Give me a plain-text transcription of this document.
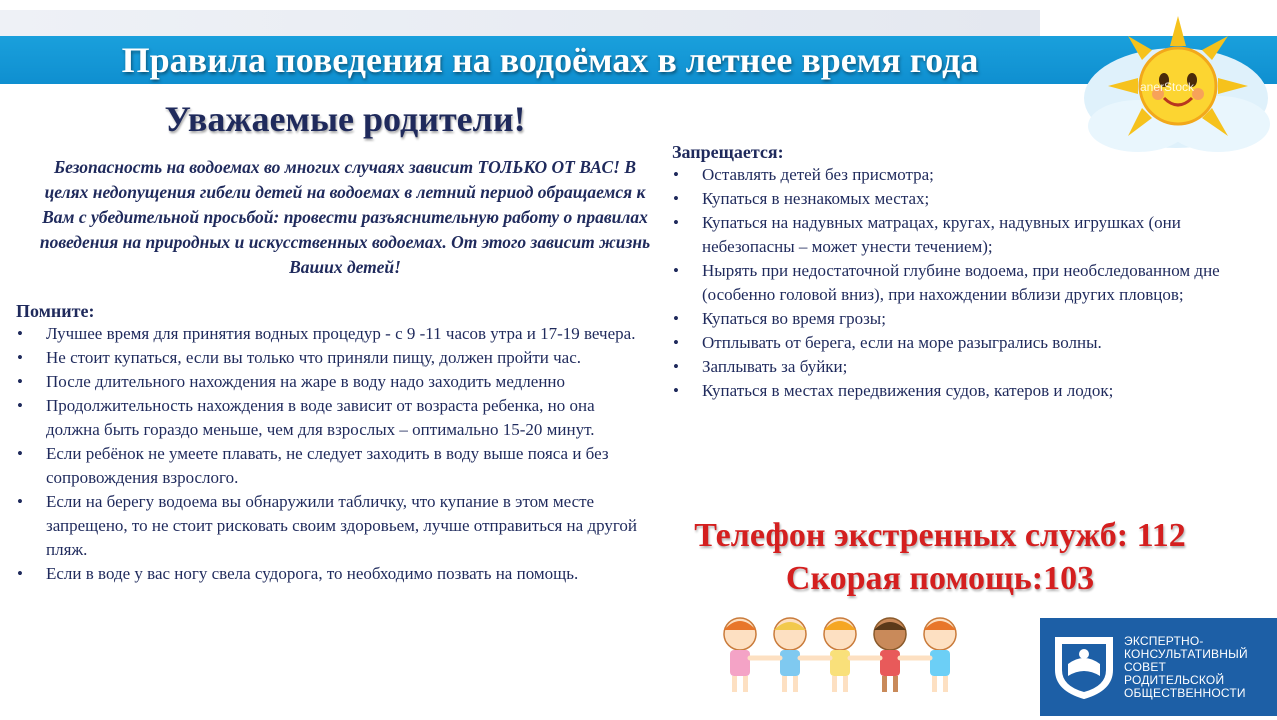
Правила поведения на водоёмах в летнее время года
anerStock
Уважаемые родители!
Безопасность на водоемах во многих случаях зависит ТОЛЬКО ОТ ВАС! В целях недопущения гибели детей на водоемах в летний период обращаемся к Вам с убедительной просьбой: провести разъяснительную работу о правилах поведения на природных и искусственных водоемах. От этого зависит жизнь Ваших детей!
Помните:
• Лучшее время для принятия водных процедур - с 9 -11 часов утра и 17-19 вечера.
• Не стоит купаться, если вы только что приняли пищу, должен пройти час.
• После длительного нахождения на жаре в воду надо заходить медленно
• Продолжительность нахождения в воде зависит от возраста ребенка, но она должна быть гораздо меньше, чем для взрослых – оптимально 15-20 минут.
• Если ребёнок не умеете плавать, не следует заходить в воду выше пояса и без сопровождения взрослого.
• Если на берегу водоема вы обнаружили табличку, что купание в этом месте запрещено, то не стоит рисковать своим здоровьем, лучше отправиться на другой пляж.
• Если в воде у вас ногу свела судорога, то необходимо позвать на помощь.
Запрещается:
• Оставлять детей без присмотра;
• Купаться в незнакомых местах;
• Купаться на надувных матрацах, кругах, надувных игрушках (они небезопасны – может унести течением);
• Нырять при недостаточной глубине водоема, при необследованном дне (особенно головой вниз), при нахождении вблизи других пловцов;
• Купаться во время грозы;
• Отплывать от берега, если на море разыгрались волны.
• Заплывать за буйки;
• Купаться в местах передвижения судов, катеров и лодок;
Телефон экстренных служб: 112
Скорая помощь:103
ЭКСПЕРТНО-
КОНСУЛЬТАТИВНЫЙ
СОВЕТ
РОДИТЕЛЬСКОЙ
ОБЩЕСТВЕННОСТИ
